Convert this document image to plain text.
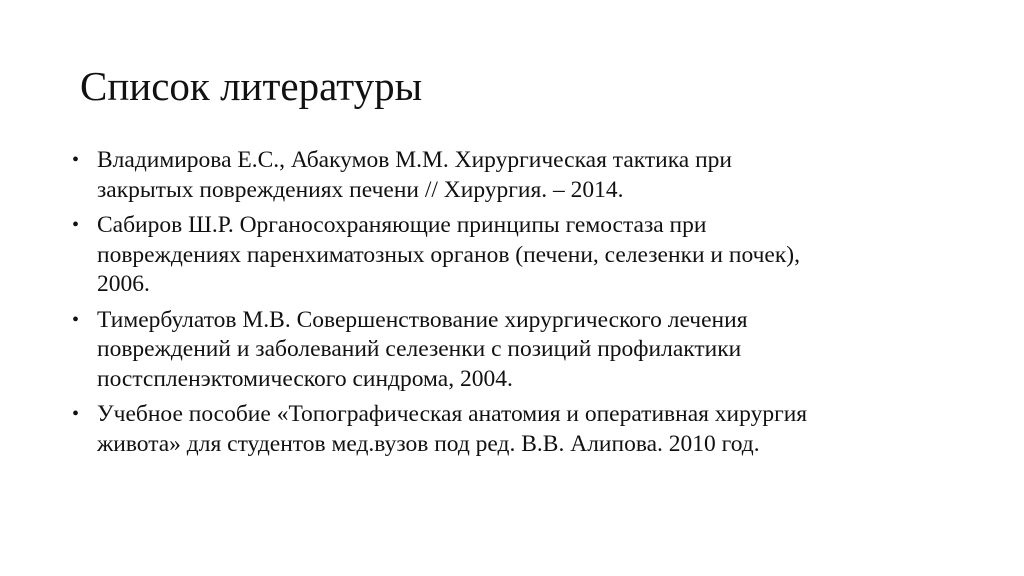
Список литературы
• Владимирова Е.С., Абакумов М.М. Хирургическая тактика при
закрытых повреждениях печени // Хирургия. – 2014.
• Сабиров Ш.Р. Органосохраняющие принципы гемостаза при
повреждениях паренхиматозных органов (печени, селезенки и почек),
2006.
• Тимербулатов М.В. Совершенствование хирургического лечения
повреждений и заболеваний селезенки с позиций профилактики
постспленэктомического синдрома, 2004.
• Учебное пособие «Топографическая анатомия и оперативная хирургия
живота» для студентов мед.вузов под ред. В.В. Алипова. 2010 год.
